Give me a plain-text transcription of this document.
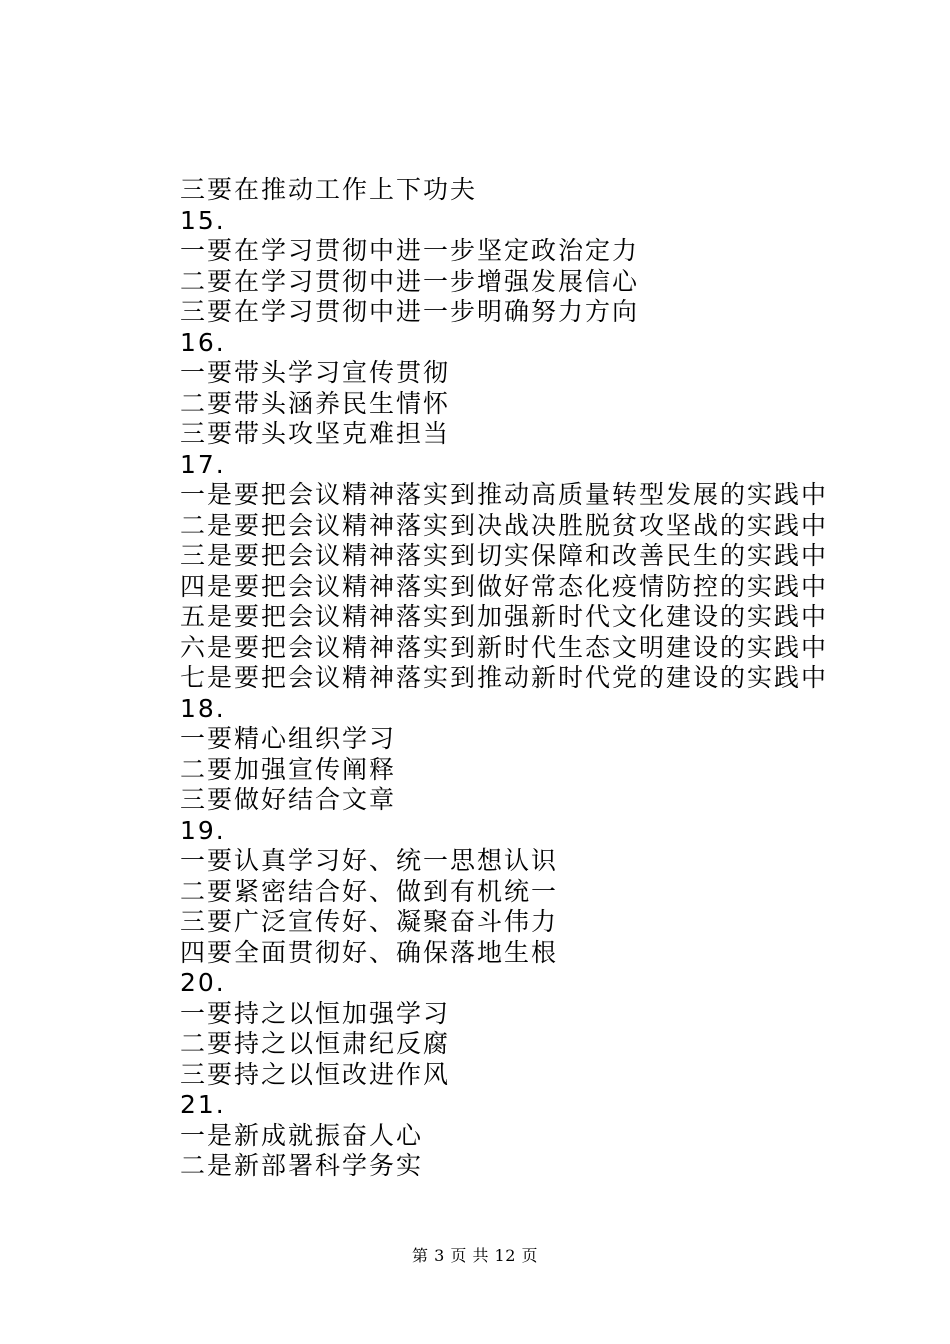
三要在推动工作上下功夫
15.
一要在学习贯彻中进一步坚定政治定力
二要在学习贯彻中进一步增强发展信心
三要在学习贯彻中进一步明确努力方向
16.
一要带头学习宣传贯彻
二要带头涵养民生情怀
三要带头攻坚克难担当
17.
一是要把会议精神落实到推动高质量转型发展的实践中
二是要把会议精神落实到决战决胜脱贫攻坚战的实践中
三是要把会议精神落实到切实保障和改善民生的实践中
四是要把会议精神落实到做好常态化疫情防控的实践中
五是要把会议精神落实到加强新时代文化建设的实践中
六是要把会议精神落实到新时代生态文明建设的实践中
七是要把会议精神落实到推动新时代党的建设的实践中
18.
一要精心组织学习
二要加强宣传阐释
三要做好结合文章
19.
一要认真学习好、统一思想认识
二要紧密结合好、做到有机统一
三要广泛宣传好、凝聚奋斗伟力
四要全面贯彻好、确保落地生根
20.
一要持之以恒加强学习
二要持之以恒肃纪反腐
三要持之以恒改进作风
21.
一是新成就振奋人心
二是新部署科学务实
第 3 页 共 12 页
